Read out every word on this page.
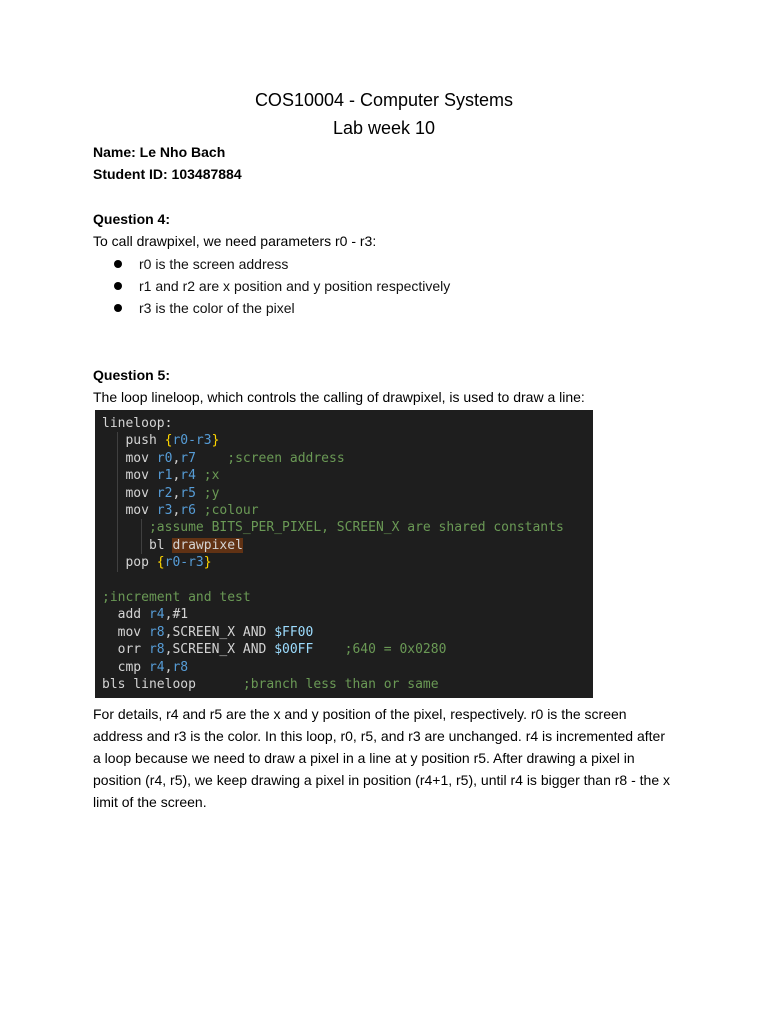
COS10004 - Computer Systems
Lab week 10
Name: Le Nho Bach
Student ID: 103487884
Question 4:
To call drawpixel, we need parameters r0 - r3:
r0 is the screen address
r1 and r2 are x position and y position respectively
r3 is the color of the pixel
Question 5:
The loop lineloop, which controls the calling of drawpixel, is used to draw a line:
lineloop:
push {r0-r3}
mov r0,r7 ;screen address
mov r1,r4 ;x
mov r2,r5 ;y
mov r3,r6 ;colour
;assume BITS_PER_PIXEL, SCREEN_X are shared constants
bl drawpixel
pop {r0-r3}
;increment and test
add r4,#1
mov r8,SCREEN_X AND $FF00
orr r8,SCREEN_X AND $00FF ;640 = 0x0280
cmp r4,r8
bls lineloop      ;branch less than or same
For details, r4 and r5 are the x and y position of the pixel, respectively. r0 is the screen address and r3 is the color. In this loop, r0, r5, and r3 are unchanged. r4 is incremented after a loop because we need to draw a pixel in a line at y position r5. After drawing a pixel in position (r4, r5), we keep drawing a pixel in position (r4+1, r5), until r4 is bigger than r8 - the x limit of the screen.
